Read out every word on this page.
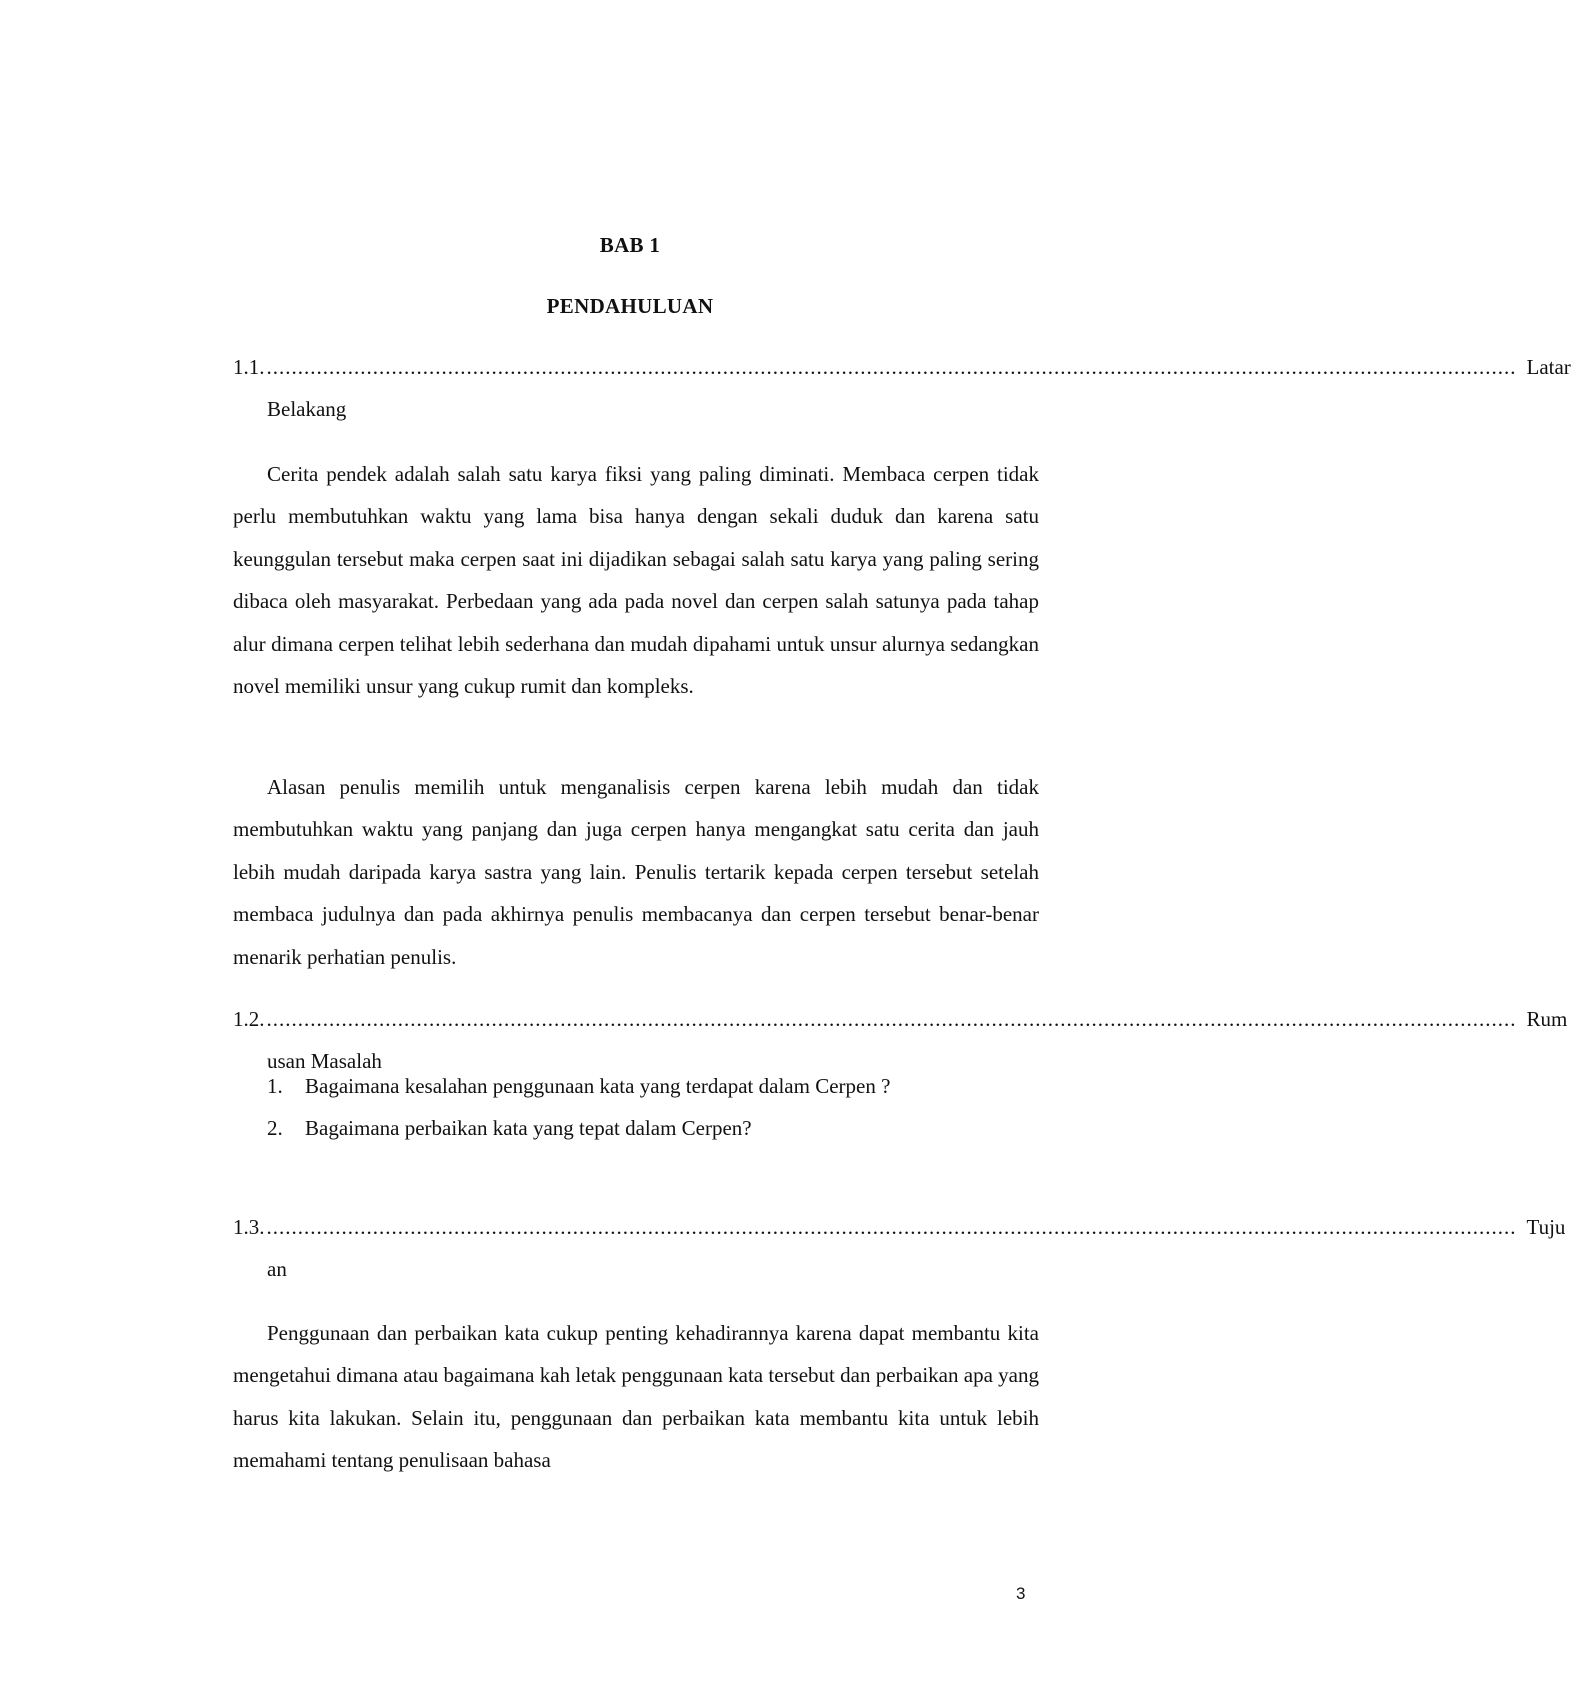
BAB 1
PENDAHULUAN
1.1. ........................................................................................................................................................................................................ Latar
Belakang

Cerita pendek adalah salah satu karya fiksi yang paling diminati. Membaca cerpen tidak perlu membutuhkan waktu yang lama bisa hanya dengan sekali duduk dan karena satu keunggulan tersebut maka cerpen saat ini dijadikan sebagai salah satu karya yang paling sering dibaca oleh masyarakat. Perbedaan yang ada pada novel dan cerpen salah satunya pada tahap alur dimana cerpen telihat lebih sederhana dan mudah dipahami untuk unsur alurnya sedangkan novel memiliki unsur yang cukup rumit dan kompleks.

Alasan penulis memilih untuk menganalisis cerpen karena lebih mudah dan tidak membutuhkan waktu yang panjang dan juga cerpen hanya mengangkat satu cerita dan jauh lebih mudah daripada karya sastra yang lain. Penulis tertarik kepada cerpen tersebut setelah membaca judulnya dan pada akhirnya penulis membacanya dan cerpen tersebut benar-benar menarik perhatian penulis.

1.2. ........................................................................................................................................................................................................ Rum
usan Masalah
1.	Bagaimana kesalahan penggunaan kata yang terdapat dalam Cerpen ?
2.	Bagaimana perbaikan kata yang tepat dalam Cerpen?
1.3. ........................................................................................................................................................................................................ Tuju
an

Penggunaan dan perbaikan kata cukup penting kehadirannya karena dapat membantu kita mengetahui dimana atau bagaimana kah letak penggunaan kata tersebut dan perbaikan apa yang harus kita lakukan. Selain itu, penggunaan dan perbaikan kata membantu kita untuk lebih memahami tentang penulisaan bahasa

3
